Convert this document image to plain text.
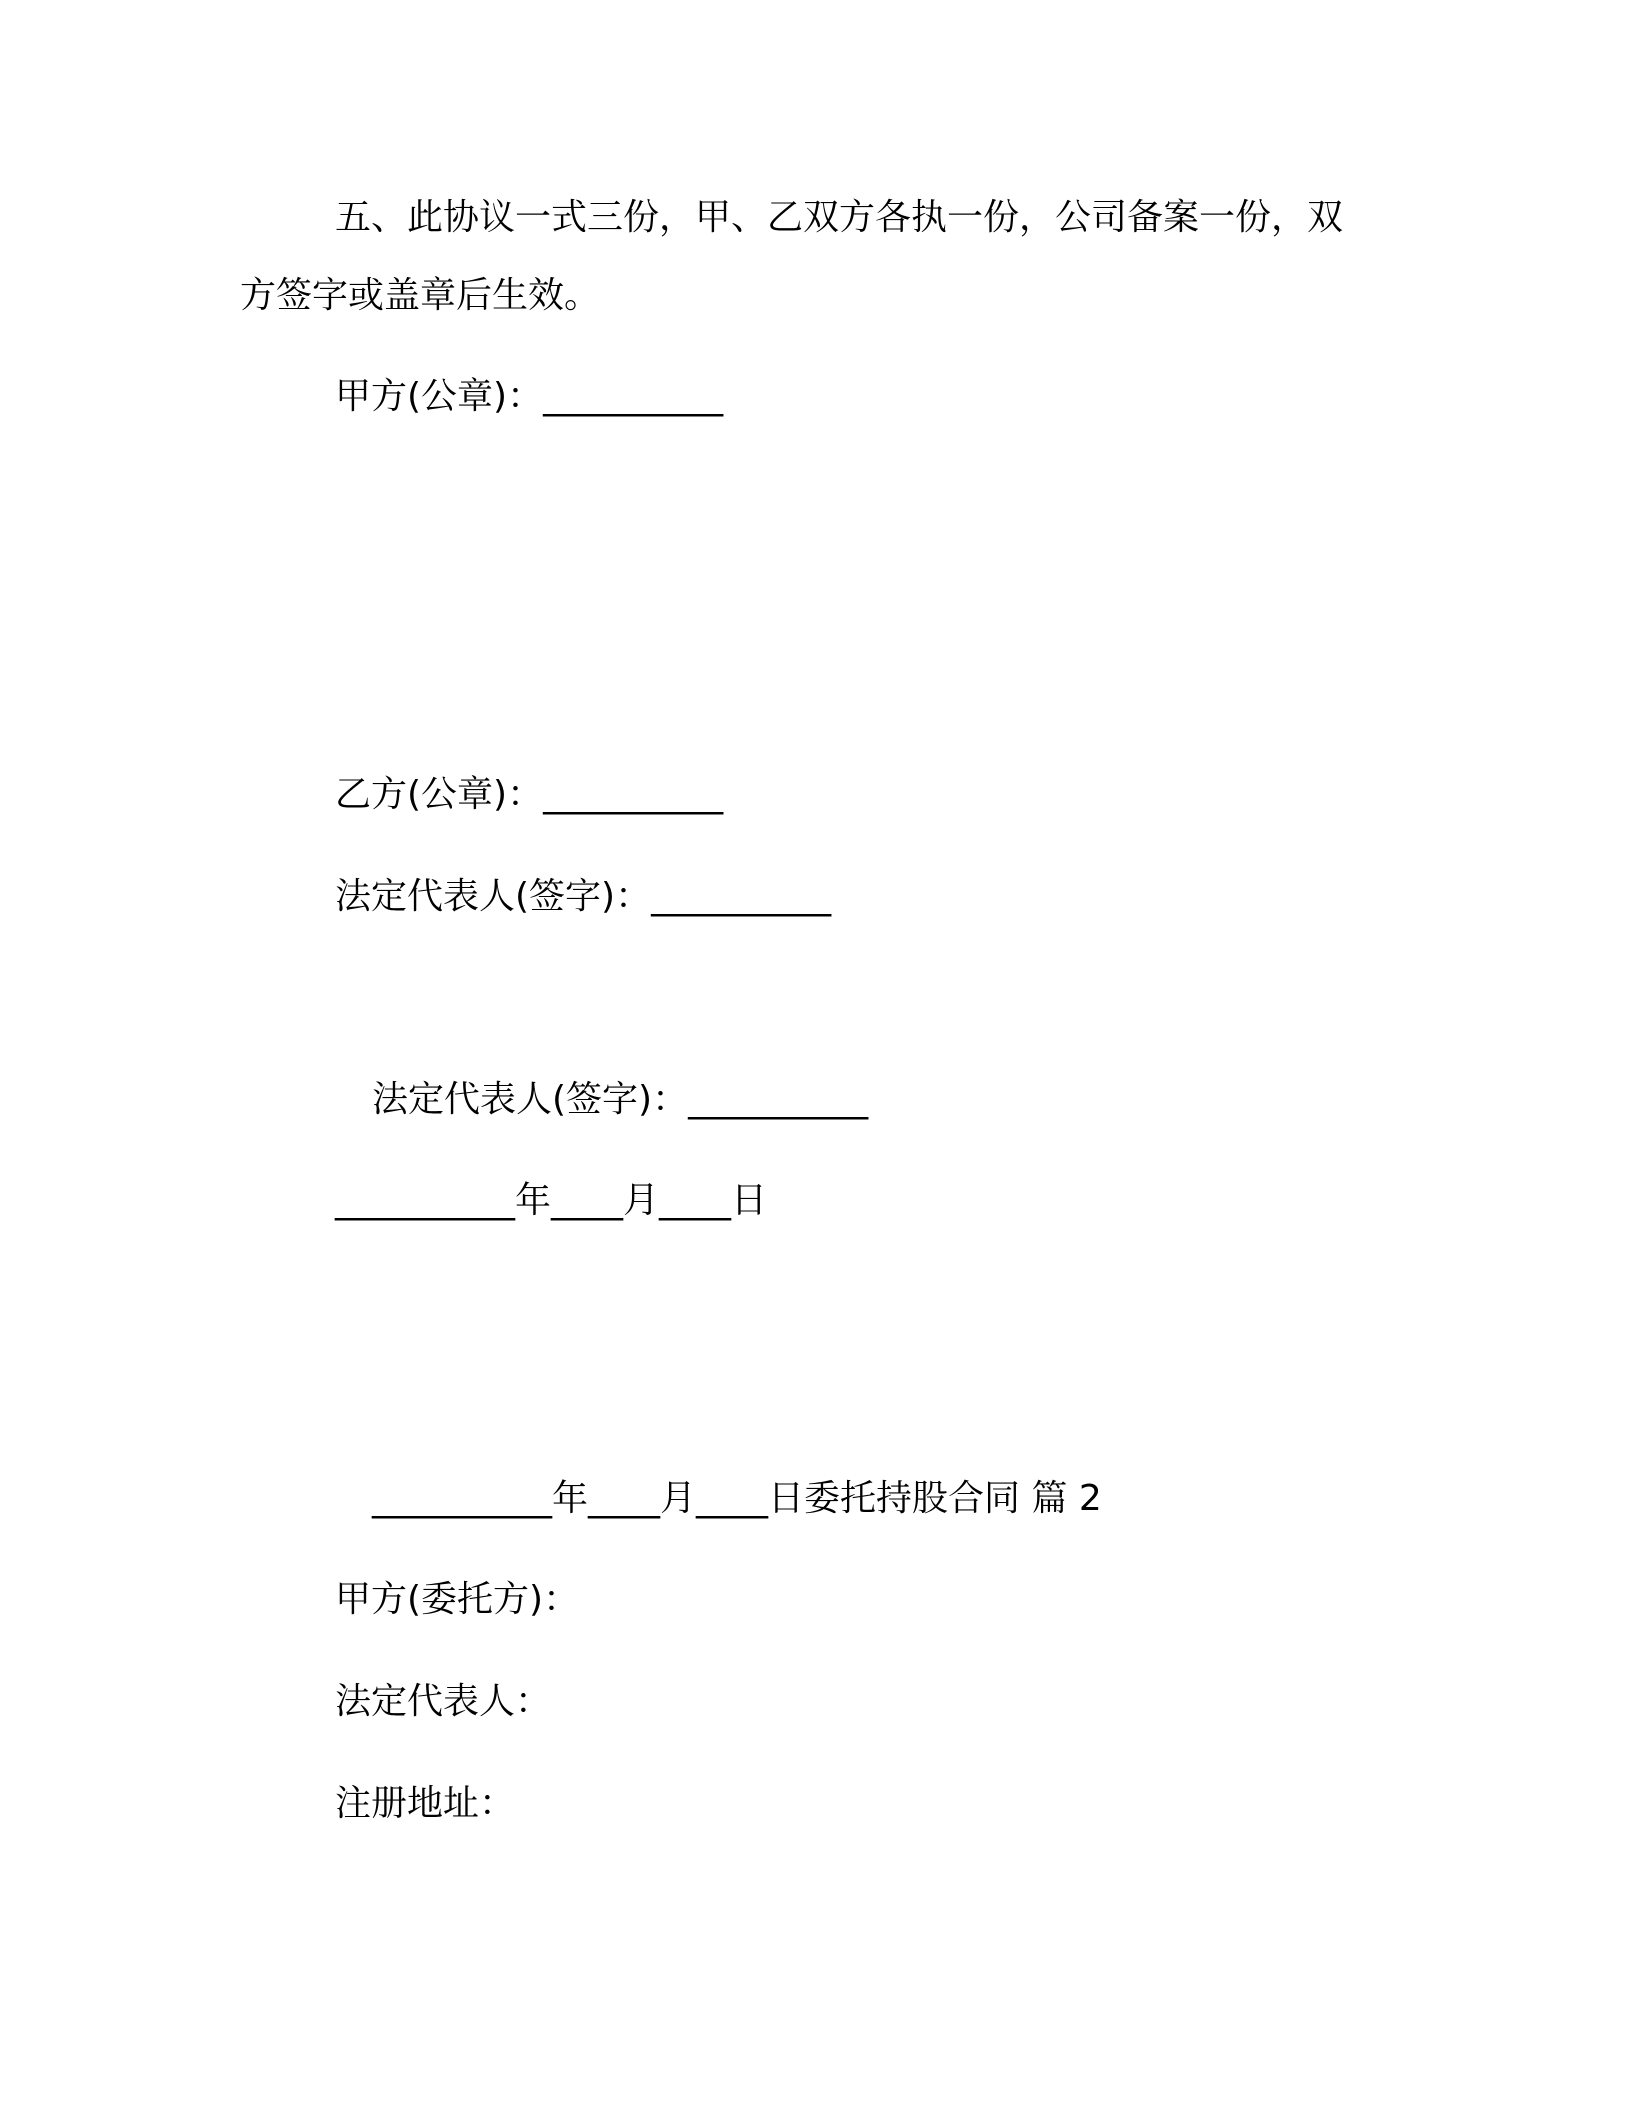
五、此协议一式三份，甲、乙双方各执一份，公司备案一份，双
方签字或盖章后生效。
甲方(公章)：__________
乙方(公章)：__________
法定代表人(签字)：__________
法定代表人(签字)：__________
__________年____月____日
__________年____月____日委托持股合同 篇 2
甲方(委托方)：
法定代表人：
注册地址：
